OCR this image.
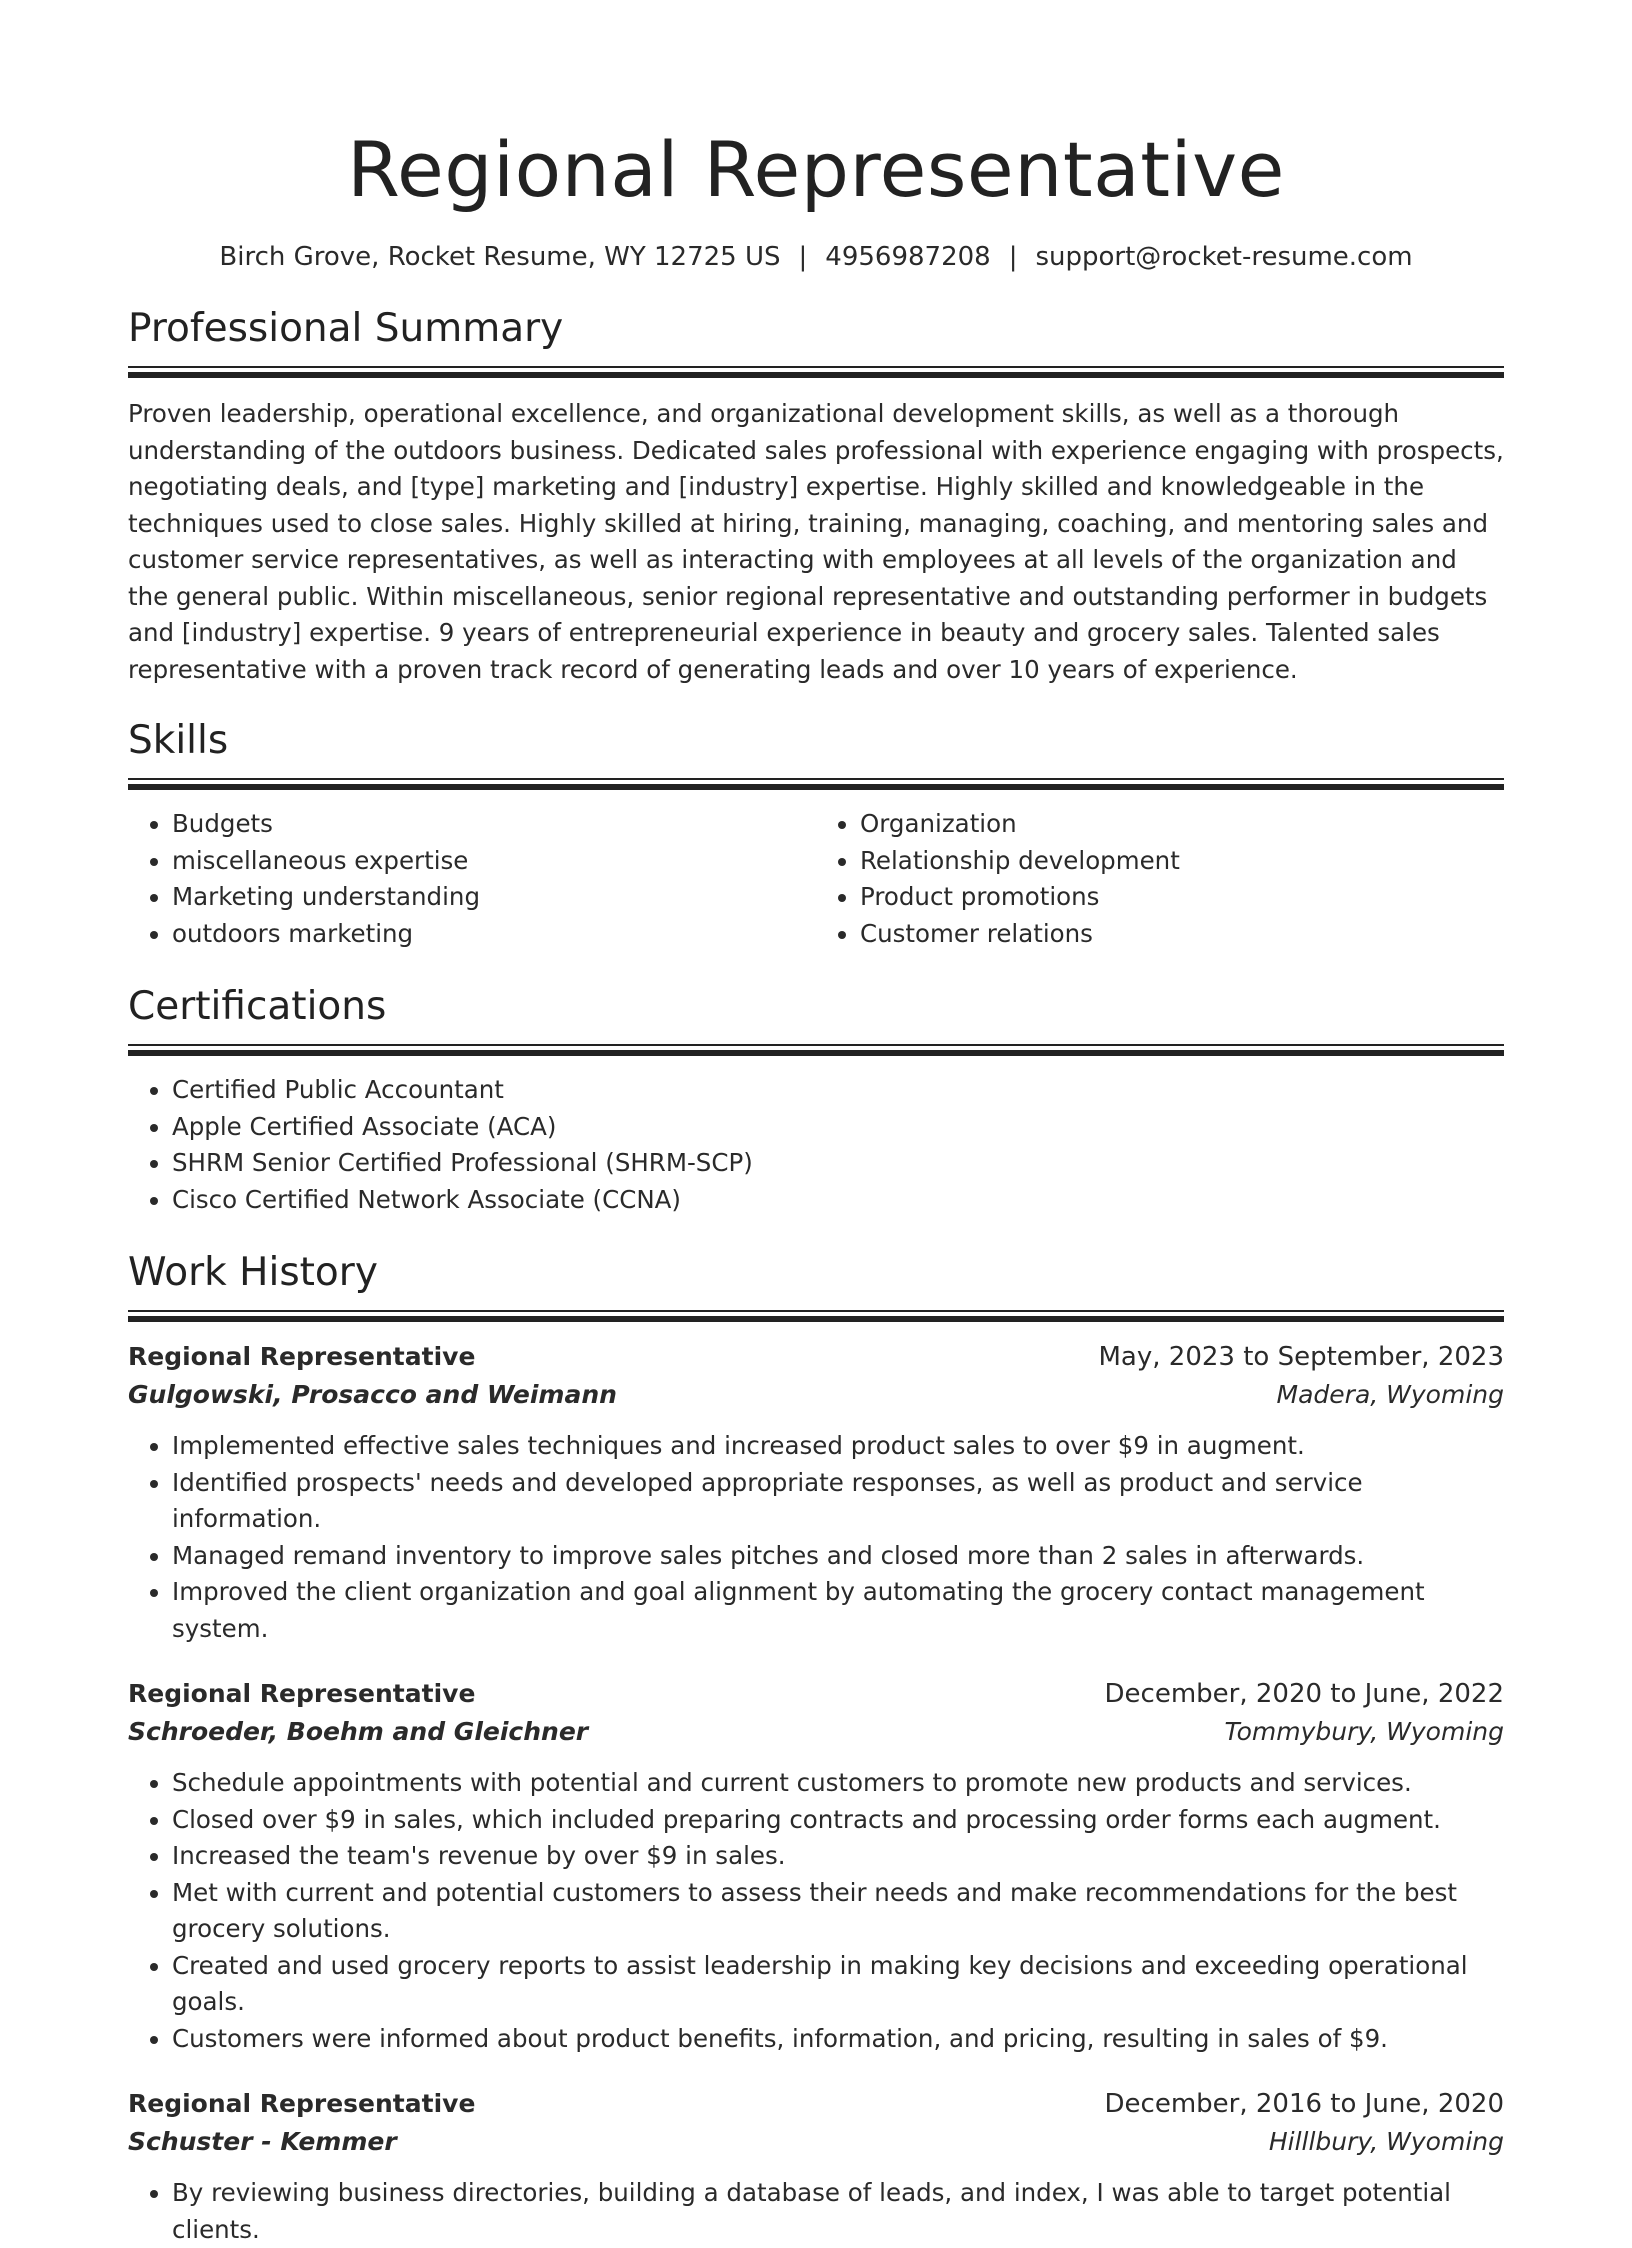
Regional Representative
Birch Grove, Rocket Resume, WY 12725 US | 4956987208 | support@rocket-resume.com
Professional Summary

Proven leadership, operational excellence, and organizational development skills, as well as a thorough understanding of the outdoors business. Dedicated sales professional with experience engaging with prospects, negotiating deals, and [type] marketing and [industry] expertise. Highly skilled and knowledgeable in the techniques used to close sales. Highly skilled at hiring, training, managing, coaching, and mentoring sales and customer service representatives, as well as interacting with employees at all levels of the organization and the general public. Within miscellaneous, senior regional representative and outstanding performer in budgets and [industry] expertise. 9 years of entrepreneurial experience in beauty and grocery sales. Talented sales representative with a proven track record of generating leads and over 10 years of experience.

Skills
• Budgets
• miscellaneous expertise
• Marketing understanding
• outdoors marketing
• Organization
• Relationship development
• Product promotions
• Customer relations
Certifications
• Certified Public Accountant
• Apple Certified Associate (ACA)
• SHRM Senior Certified Professional (SHRM-SCP)
• Cisco Certified Network Associate (CCNA)
Work History
Regional Representative	May, 2023 to September, 2023
Gulgowski, Prosacco and Weimann	Madera, Wyoming
• Implemented effective sales techniques and increased product sales to over $9 in augment.
• Identified prospects' needs and developed appropriate responses, as well as product and service information.
• Managed remand inventory to improve sales pitches and closed more than 2 sales in afterwards.
• Improved the client organization and goal alignment by automating the grocery contact management system.
Regional Representative	December, 2020 to June, 2022
Schroeder, Boehm and Gleichner	Tommybury, Wyoming
• Schedule appointments with potential and current customers to promote new products and services.
• Closed over $9 in sales, which included preparing contracts and processing order forms each augment.
• Increased the team's revenue by over $9 in sales.
• Met with current and potential customers to assess their needs and make recommendations for the best grocery solutions.
• Created and used grocery reports to assist leadership in making key decisions and exceeding operational goals.
• Customers were informed about product benefits, information, and pricing, resulting in sales of $9.
Regional Representative	December, 2016 to June, 2020
Schuster - Kemmer	Hilllbury, Wyoming
• By reviewing business directories, building a database of leads, and index, I was able to target potential clients.
